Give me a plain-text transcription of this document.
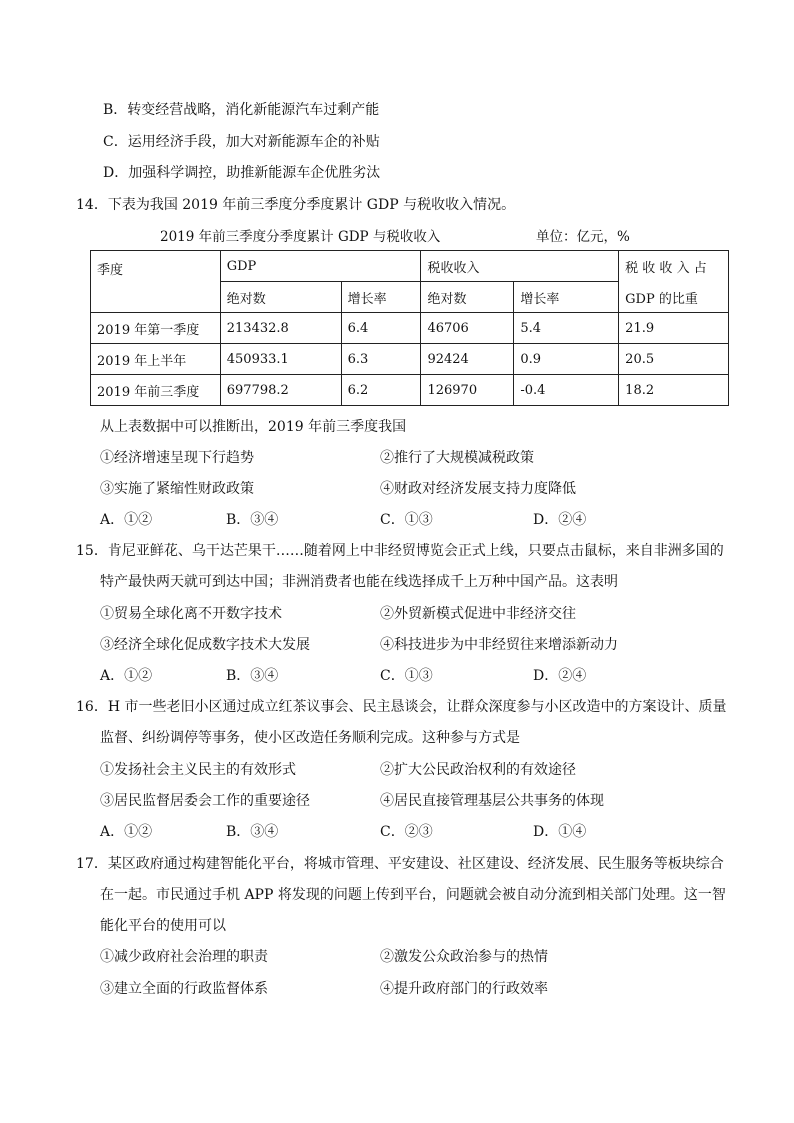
B．转变经营战略，消化新能源汽车过剩产能
C．运用经济手段，加大对新能源车企的补贴
D．加强科学调控，助推新能源车企优胜劣汰
14．下表为我国 2019 年前三季度分季度累计 GDP 与税收收入情况。
2019 年前三季度分季度累计 GDP 与税收收入	单位：亿元，%
季度	GDP		税收收入		税 收 收 入 占
GDP 的比重

	绝对数	增长率	绝对数	增长率	
2019 年第一季度	213432.8	6.4	46706	5.4	21.9
2019 年上半年	450933.1	6.3	92424	0.9	20.5
2019 年前三季度	697798.2	6.2	126970	-0.4	18.2
从上表数据中可以推断出，2019 年前三季度我国
①经济增速呈现下行趋势	②推行了大规模减税政策
③实施了紧缩性财政政策	④财政对经济发展支持力度降低
A．①②	B．③④	C．①③	D．②④
15．肯尼亚鲜花、乌干达芒果干……随着网上中非经贸博览会正式上线，只要点击鼠标，来自非洲多国的
特产最快两天就可到达中国；非洲消费者也能在线选择成千上万种中国产品。这表明
①贸易全球化离不开数字技术	②外贸新模式促进中非经济交往
③经济全球化促成数字技术大发展	④科技进步为中非经贸往来增添新动力
A．①②	B．③④	C．①③	D．②④
16．H 市一些老旧小区通过成立红茶议事会、民主恳谈会，让群众深度参与小区改造中的方案设计、质量
监督、纠纷调停等事务，使小区改造任务顺利完成。这种参与方式是
①发扬社会主义民主的有效形式	②扩大公民政治权利的有效途径
③居民监督居委会工作的重要途径	④居民直接管理基层公共事务的体现
A．①②	B．③④	C．②③	D．①④
17．某区政府通过构建智能化平台，将城市管理、平安建设、社区建设、经济发展、民生服务等板块综合
在一起。市民通过手机 APP 将发现的问题上传到平台，问题就会被自动分流到相关部门处理。这一智
能化平台的使用可以
①减少政府社会治理的职责	②激发公众政治参与的热情
③建立全面的行政监督体系	④提升政府部门的行政效率
